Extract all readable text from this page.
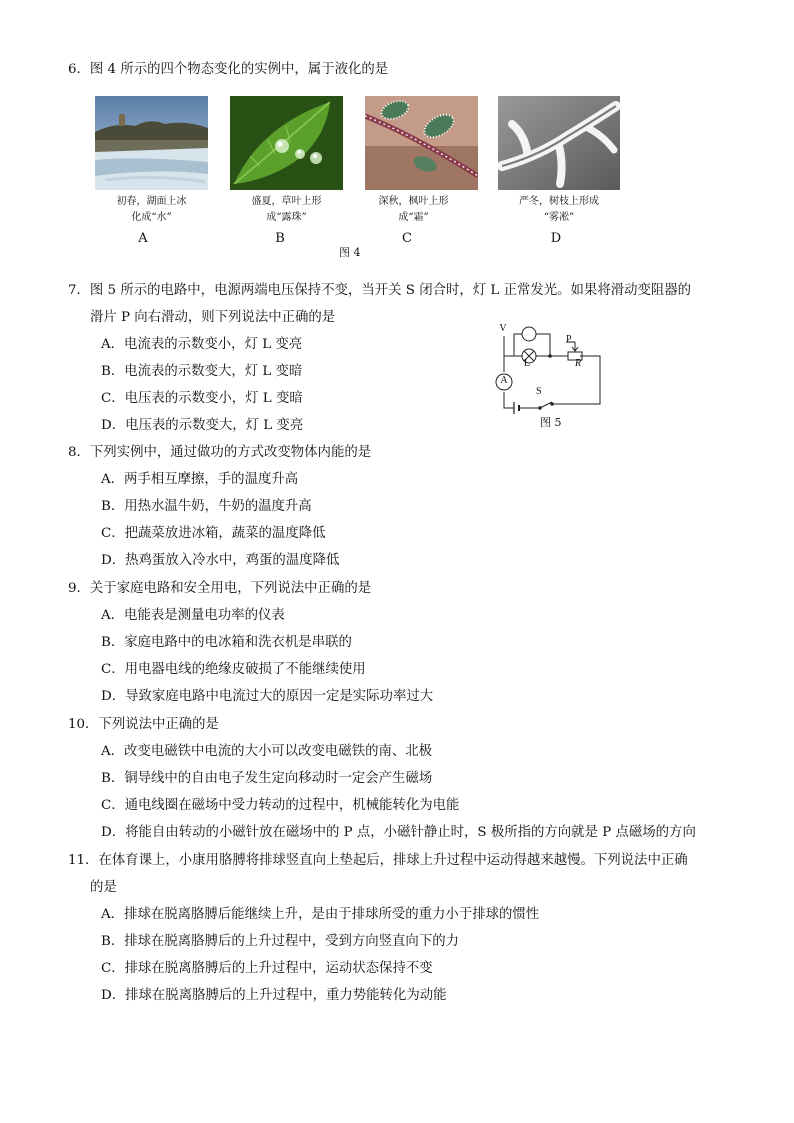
6．图 4 所示的四个物态变化的实例中，属于液化的是
初春，湖面上冰
化成“水”
盛夏，草叶上形
成“露珠”
深秋，枫叶上形
成“霜”
严冬，树枝上形成
“雾凇”
A	B	C	D
图 4
7．图 5 所示的电路中，电源两端电压保持不变，当开关 S 闭合时，灯 L 正常发光。如果将滑动变阻器的
滑片 P 向右滑动，则下列说法中正确的是
A．电流表的示数变小，灯 L 变亮
B．电流表的示数变大，灯 L 变暗
C．电压表的示数变小，灯 L 变暗
D．电压表的示数变大，灯 L 变亮
V
A
L
P
R
S
图 5
8．下列实例中，通过做功的方式改变物体内能的是
A．两手相互摩擦，手的温度升高
B．用热水温牛奶，牛奶的温度升高
C．把蔬菜放进冰箱，蔬菜的温度降低
D．热鸡蛋放入冷水中，鸡蛋的温度降低
9．关于家庭电路和安全用电，下列说法中正确的是
A．电能表是测量电功率的仪表
B．家庭电路中的电冰箱和洗衣机是串联的
C．用电器电线的绝缘皮破损了不能继续使用
D．导致家庭电路中电流过大的原因一定是实际功率过大
10．下列说法中正确的是
A．改变电磁铁中电流的大小可以改变电磁铁的南、北极
B．铜导线中的自由电子发生定向移动时一定会产生磁场
C．通电线圈在磁场中受力转动的过程中，机械能转化为电能
D．将能自由转动的小磁针放在磁场中的 P 点，小磁针静止时，S 极所指的方向就是 P 点磁场的方向
11．在体育课上，小康用胳膊将排球竖直向上垫起后，排球上升过程中运动得越来越慢。下列说法中正确
的是
A．排球在脱离胳膊后能继续上升，是由于排球所受的重力小于排球的惯性
B．排球在脱离胳膊后的上升过程中，受到方向竖直向下的力
C．排球在脱离胳膊后的上升过程中，运动状态保持不变
D．排球在脱离胳膊后的上升过程中，重力势能转化为动能
